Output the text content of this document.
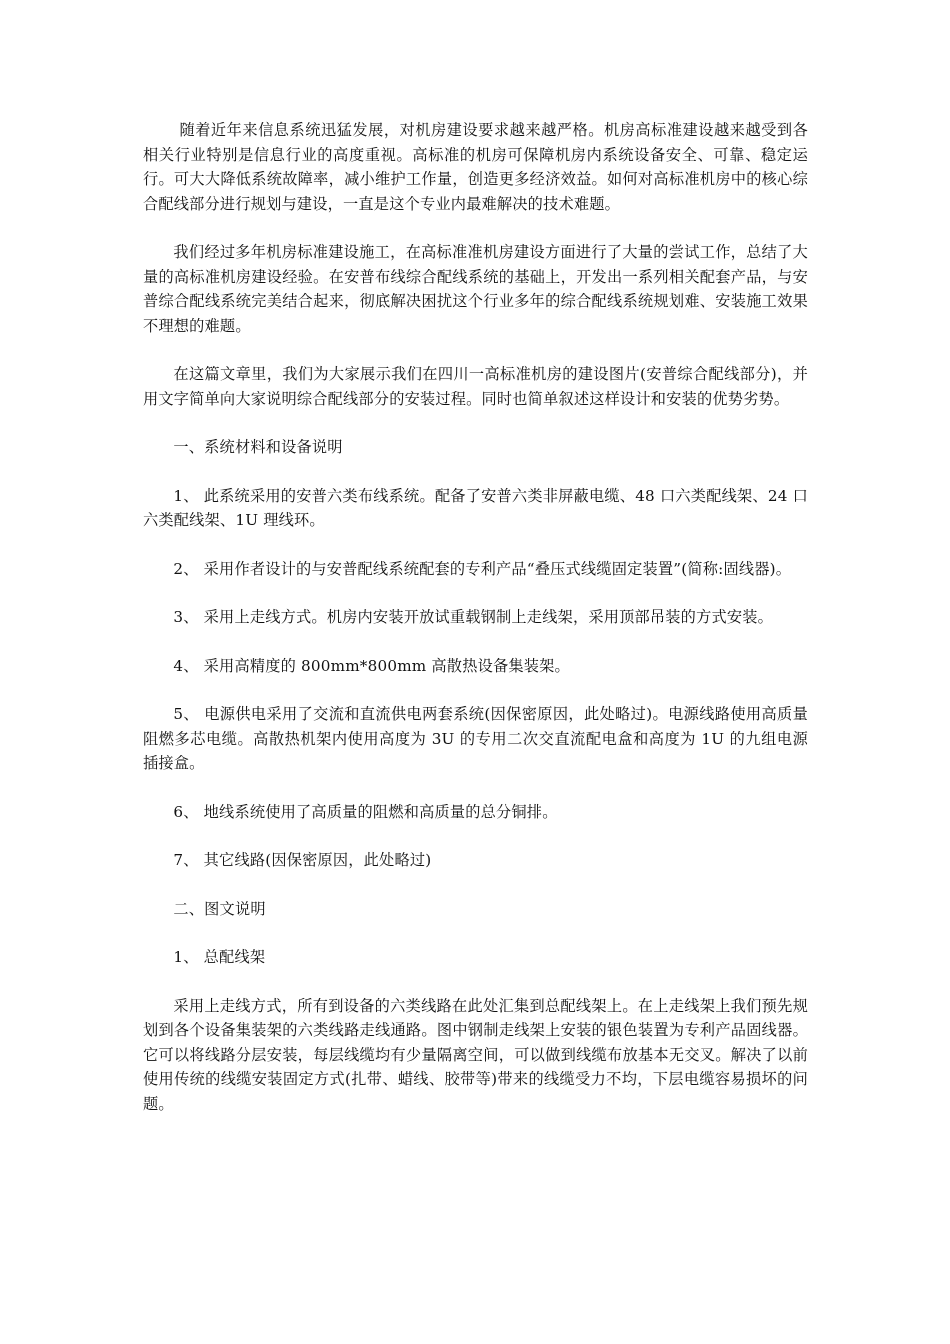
随着近年来信息系统迅猛发展，对机房建设要求越来越严格。机房高标准建设越来越受到各相关行业特别是信息行业的高度重视。高标准的机房可保障机房内系统设备安全、可靠、稳定运行。可大大降低系统故障率，减小维护工作量，创造更多经济效益。如何对高标准机房中的核心综合配线部分进行规划与建设，一直是这个专业内最难解决的技术难题。

我们经过多年机房标准建设施工，在高标准准机房建设方面进行了大量的尝试工作，总结了大量的高标准机房建设经验。在安普布线综合配线系统的基础上，开发出一系列相关配套产品，与安普综合配线系统完美结合起来，彻底解决困扰这个行业多年的综合配线系统规划难、安装施工效果不理想的难题。

在这篇文章里，我们为大家展示我们在四川一高标准机房的建设图片(安普综合配线部分)，并用文字简单向大家说明综合配线部分的安装过程。同时也简单叙述这样设计和安装的优势劣势。

一、系统材料和设备说明

1、 此系统采用的安普六类布线系统。配备了安普六类非屏蔽电缆、48 口六类配线架、24 口六类配线架、1U 理线环。

2、 采用作者设计的与安普配线系统配套的专利产品“叠压式线缆固定装置”(简称:固线器)。

3、 采用上走线方式。机房内安装开放试重载钢制上走线架，采用顶部吊装的方式安装。

4、 采用高精度的 800mm*800mm 高散热设备集装架。

5、 电源供电采用了交流和直流供电两套系统(因保密原因，此处略过)。电源线路使用高质量阻燃多芯电缆。高散热机架内使用高度为 3U 的专用二次交直流配电盒和高度为 1U 的九组电源插接盒。

6、 地线系统使用了高质量的阻燃和高质量的总分铜排。

7、 其它线路(因保密原因，此处略过)

二、图文说明

1、 总配线架

采用上走线方式，所有到设备的六类线路在此处汇集到总配线架上。在上走线架上我们预先规划到各个设备集装架的六类线路走线通路。图中钢制走线架上安装的银色装置为专利产品固线器。它可以将线路分层安装，每层线缆均有少量隔离空间，可以做到线缆布放基本无交叉。解决了以前使用传统的线缆安装固定方式(扎带、蜡线、胶带等)带来的线缆受力不均，下层电缆容易损坏的问题。
